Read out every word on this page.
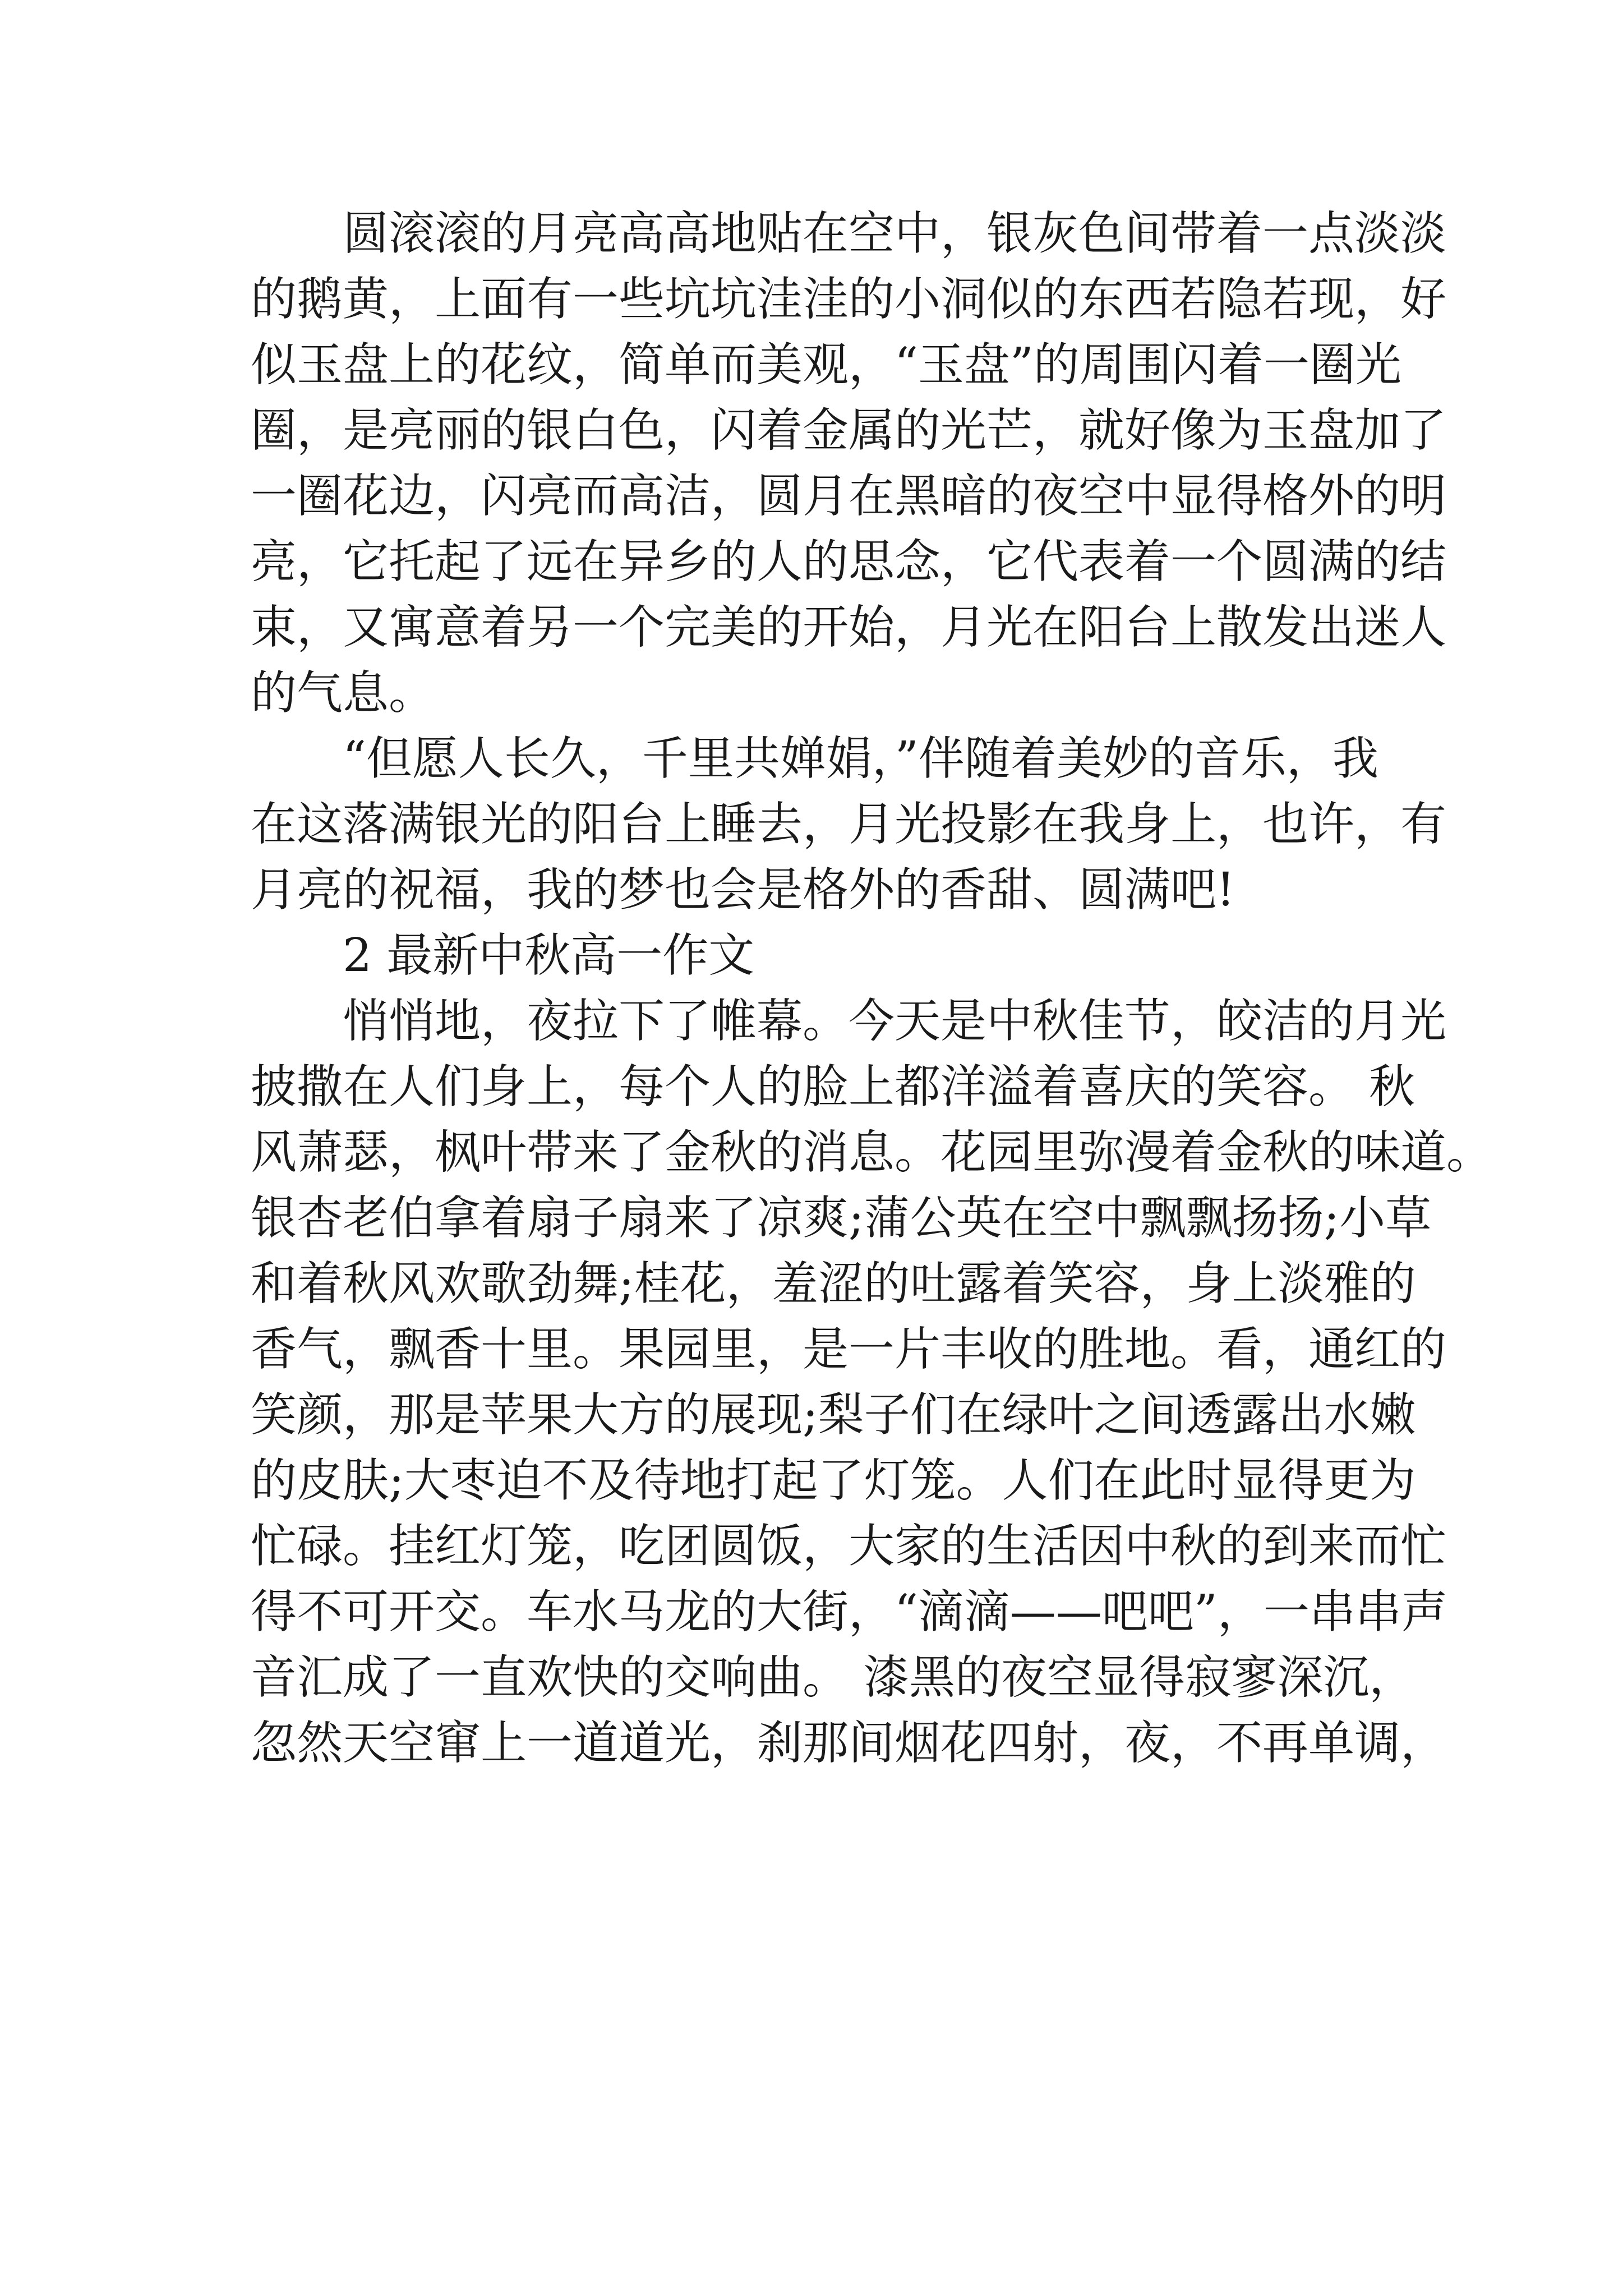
圆滚滚的月亮高高地贴在空中，银灰色间带着一点淡淡
的鹅黄，上面有一些坑坑洼洼的小洞似的东西若隐若现，好
似玉盘上的花纹，简单而美观，“玉盘”的周围闪着一圈光
圈，是亮丽的银白色，闪着金属的光芒，就好像为玉盘加了
一圈花边，闪亮而高洁，圆月在黑暗的夜空中显得格外的明
亮，它托起了远在异乡的人的思念，它代表着一个圆满的结
束，又寓意着另一个完美的开始，月光在阳台上散发出迷人
的气息。
“但愿人长久，千里共婵娟，”伴随着美妙的音乐，我
在这落满银光的阳台上睡去，月光投影在我身上，也许，有
月亮的祝福，我的梦也会是格外的香甜、圆满吧!
2 最新中秋高一作文
悄悄地，夜拉下了帷幕。今天是中秋佳节，皎洁的月光
披撒在人们身上，每个人的脸上都洋溢着喜庆的笑容。 秋
风萧瑟，枫叶带来了金秋的消息。花园里弥漫着金秋的味道。
银杏老伯拿着扇子扇来了凉爽;蒲公英在空中飘飘扬扬;小草
和着秋风欢歌劲舞;桂花，羞涩的吐露着笑容，身上淡雅的
香气，飘香十里。果园里，是一片丰收的胜地。看，通红的
笑颜，那是苹果大方的展现;梨子们在绿叶之间透露出水嫩
的皮肤;大枣迫不及待地打起了灯笼。人们在此时显得更为
忙碌。挂红灯笼，吃团圆饭，大家的生活因中秋的到来而忙
得不可开交。车水马龙的大街，“滴滴——吧吧”，一串串声
音汇成了一直欢快的交响曲。 漆黑的夜空显得寂寥深沉，
忽然天空窜上一道道光，刹那间烟花四射，夜，不再单调，
